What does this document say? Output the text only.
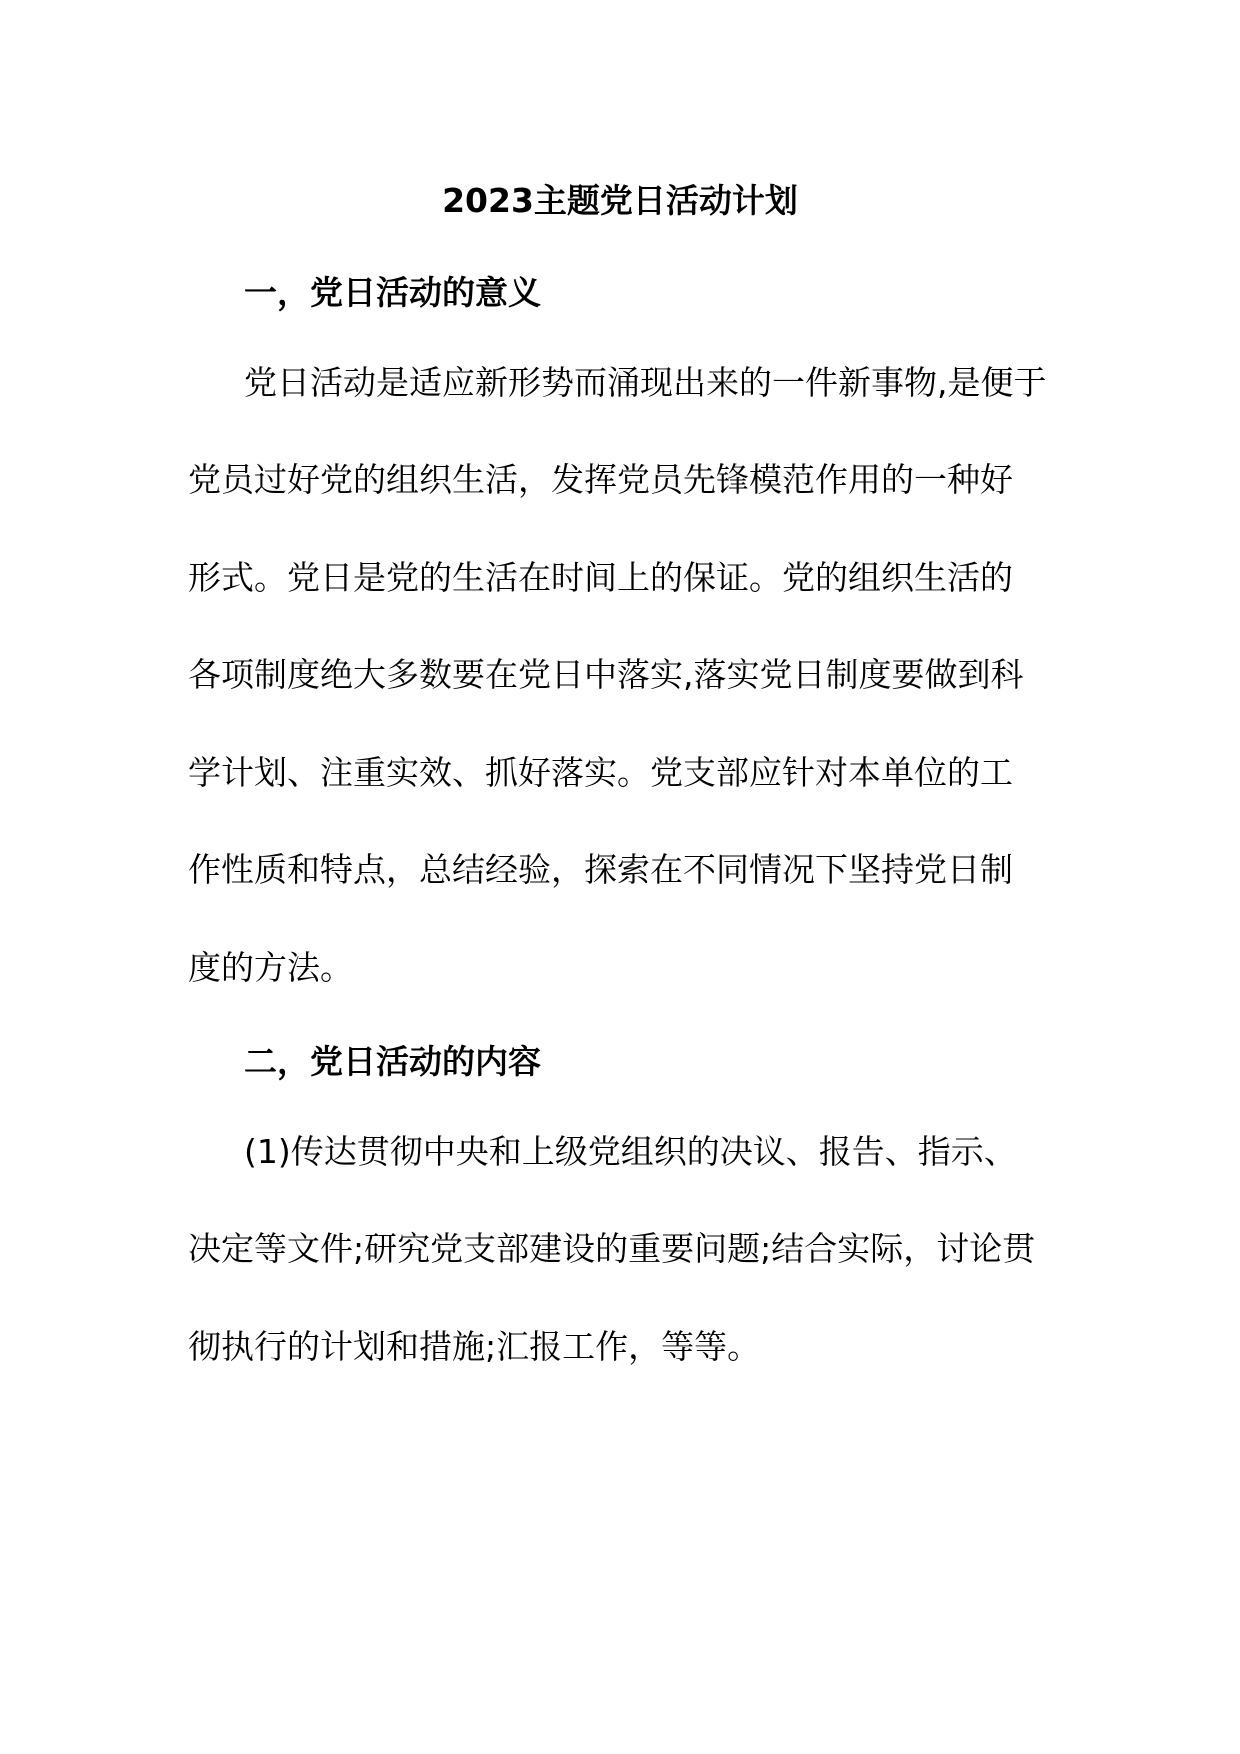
2023主题党日活动计划
一，党日活动的意义
党日活动是适应新形势而涌现出来的一件新事物,是便于
党员过好党的组织生活，发挥党员先锋模范作用的一种好
形式。党日是党的生活在时间上的保证。党的组织生活的
各项制度绝大多数要在党日中落实,落实党日制度要做到科
学计划、注重实效、抓好落实。党支部应针对本单位的工
作性质和特点，总结经验，探索在不同情况下坚持党日制
度的方法。
二，党日活动的内容
(1)传达贯彻中央和上级党组织的决议、报告、指示、
决定等文件;研究党支部建设的重要问题;结合实际，讨论贯
彻执行的计划和措施;汇报工作，等等。
